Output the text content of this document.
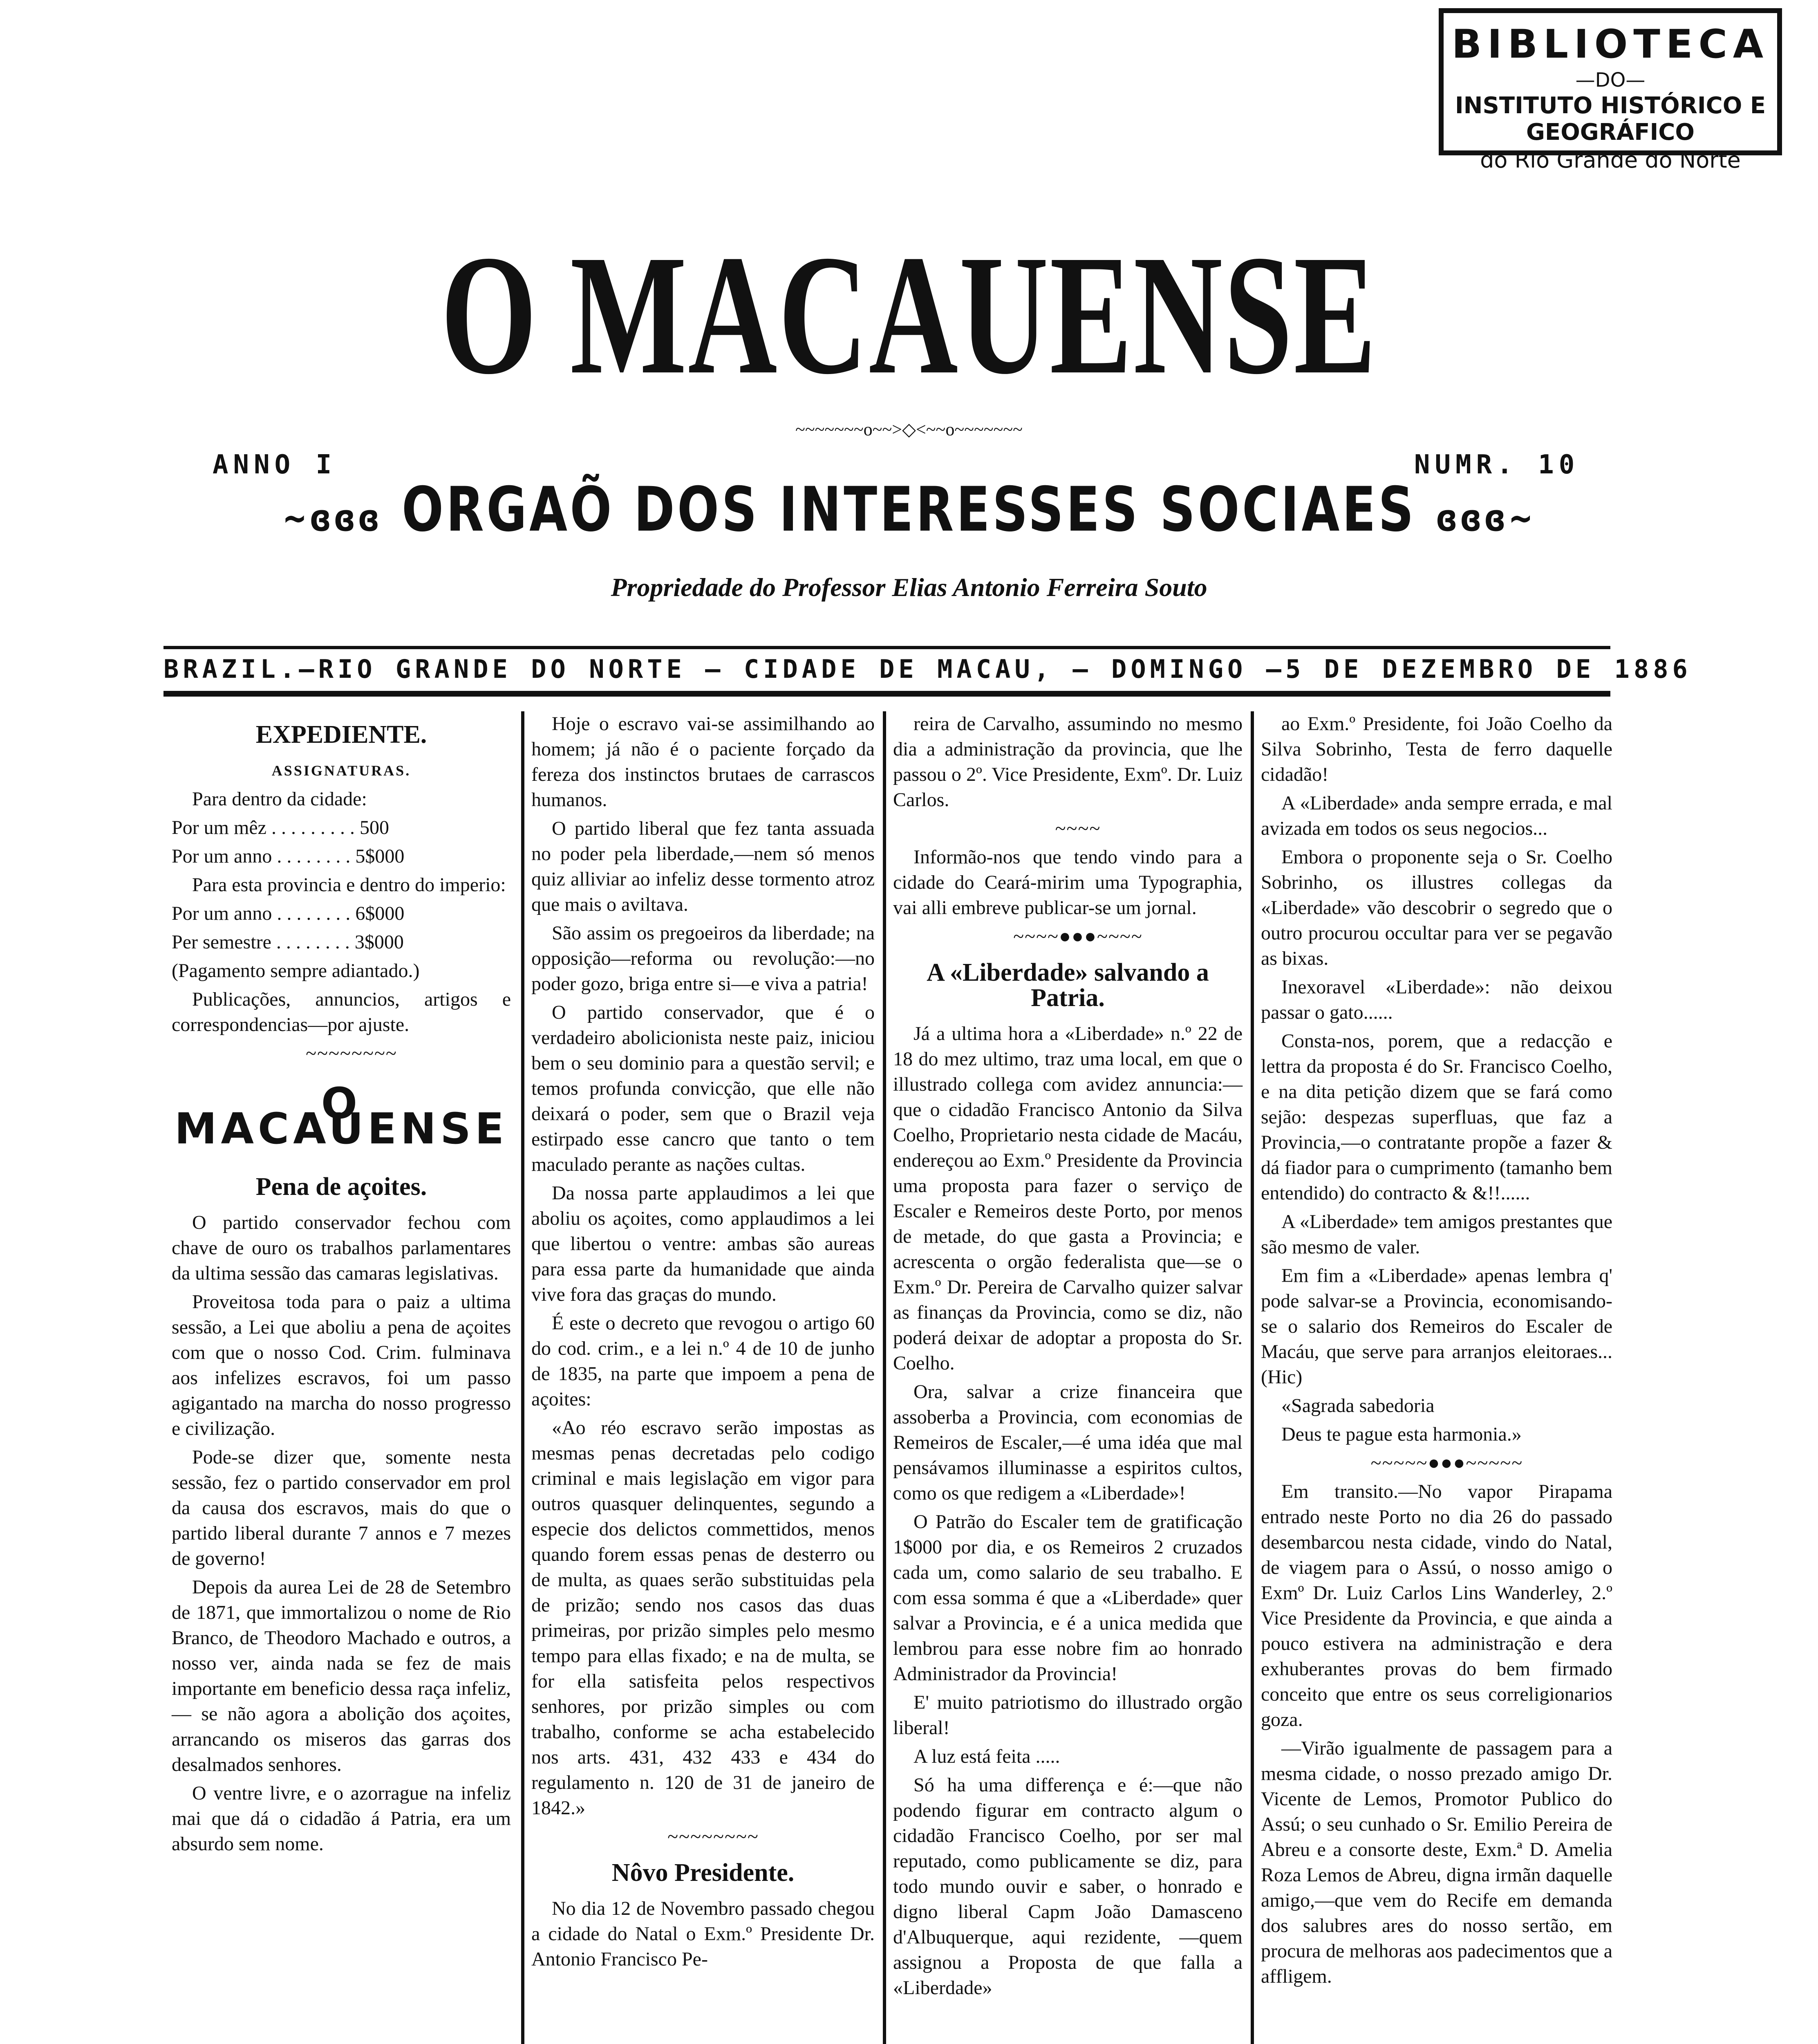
BIBLIOTECA
—DO—
INSTITUTO HISTÓRICO E GEOGRÁFICO
do Rio Grande do Norte
O MACAUENSE
~~~~~~~o~~>◇<~~o~~~~~~~
ANNO I	NUMR. 10
~ɞɞɞ ORGAÕ DOS INTERESSES SOCIAES ɞɞɞ~
Propriedade do Professor Elias Antonio Ferreira Souto
BRAZIL.—RIO GRANDE DO NORTE — CIDADE DE MACAU, — DOMINGO —5 DE DEZEMBRO DE 1886

EXPEDIENTE.

ASSIGNATURAS.

Para dentro da cidade:

Por um mêz . . . . . . . . . 500

Por um anno . . . . . . . . 5$000

Para esta provincia e dentro do imperio:

Por um anno . . . . . . . . 6$000

Per semestre . . . . . . . . 3$000

(Pagamento sempre adiantado.)

Publicações, annuncios, artigos e correspondencias—por ajuste.

~~~~~~~~

O MACAUENSE

Pena de açoites.

O partido conservador fechou com chave de ouro os trabalhos parlamentares da ultima sessão das camaras legislativas.

Proveitosa toda para o paiz a ultima sessão, a Lei que aboliu a pena de açoites com que o nosso Cod. Crim. fulminava aos infelizes escravos, foi um passo agigantado na marcha do nosso progresso e civilização.

Pode-se dizer que, somente nesta sessão, fez o partido conservador em prol da causa dos escravos, mais do que o partido liberal durante 7 annos e 7 mezes de governo!

Depois da aurea Lei de 28 de Setembro de 1871, que immortalizou o nome de Rio Branco, de Theodoro Machado e outros, a nosso ver, ainda nada se fez de mais importante em beneficio dessa raça infeliz, — se não agora a abolição dos açoites, arrancando os miseros das garras dos desalmados senhores.

O ventre livre, e o azorrague na infeliz mai que dá o cidadão á Patria, era um absurdo sem nome.

Hoje o escravo vai-se assimilhando ao homem; já não é o paciente forçado da fereza dos instinctos brutaes de carrascos humanos.

O partido liberal que fez tanta assuada no poder pela liberdade,—nem só menos quiz alliviar ao infeliz desse tormento atroz que mais o aviltava.

São assim os pregoeiros da liberdade; na opposição—reforma ou revolução:—no poder gozo, briga entre si—e viva a patria!

O partido conservador, que é o verdadeiro abolicionista neste paiz, iniciou bem o seu dominio para a questão servil; e temos profunda convicção, que elle não deixará o poder, sem que o Brazil veja estirpado esse cancro que tanto o tem maculado perante as nações cultas.

Da nossa parte applaudimos a lei que aboliu os açoites, como applaudimos a lei que libertou o ventre: ambas são aureas para essa parte da humanidade que ainda vive fora das graças do mundo.

É este o decreto que revogou o artigo 60 do cod. crim., e a lei n.º 4 de 10 de junho de 1835, na parte que impoem a pena de açoites:

«Ao réo escravo serão impostas as mesmas penas decretadas pelo codigo criminal e mais legislação em vigor para outros quasquer delinquentes, segundo a especie dos delictos commettidos, menos quando forem essas penas de desterro ou de multa, as quaes serão substituidas pela de prizão; sendo nos casos das duas primeiras, por prizão simples pelo mesmo tempo para ellas fixado; e na de multa, se for ella satisfeita pelos respectivos senhores, por prizão simples ou com trabalho, conforme se acha estabelecido nos arts. 431, 432 433 e 434 do regulamento n. 120 de 31 de janeiro de 1842.»

~~~~~~~~

Nôvo Presidente.

No dia 12 de Novembro passado chegou a cidade do Natal o Exm.º Presidente Dr. Antonio Francisco Pe-

reira de Carvalho, assumindo no mesmo dia a administração da provincia, que lhe passou o 2º. Vice Presidente, Exmº. Dr. Luiz Carlos.

~~~~

Informão-nos que tendo vindo para a cidade do Ceará-mirim uma Typographia, vai alli embreve publicar-se um jornal.

~~~~●●●~~~~

A «Liberdade» salvando a Patria.

Já a ultima hora a «Liberdade» n.º 22 de 18 do mez ultimo, traz uma local, em que o illustrado collega com avidez annuncia:—que o cidadão Francisco Antonio da Silva Coelho, Proprietario nesta cidade de Macáu, endereçou ao Exm.º Presidente da Provincia uma proposta para fazer o serviço de Escaler e Remeiros deste Porto, por menos de metade, do que gasta a Provincia; e acrescenta o orgão federalista que—se o Exm.º Dr. Pereira de Carvalho quizer salvar as finanças da Provincia, como se diz, não poderá deixar de adoptar a proposta do Sr. Coelho.

Ora, salvar a crize financeira que assoberba a Provincia, com economias de Remeiros de Escaler,—é uma idéa que mal pensávamos illuminasse a espiritos cultos, como os que redigem a «Liberdade»!

O Patrão do Escaler tem de gratificação 1$000 por dia, e os Remeiros 2 cruzados cada um, como salario de seu trabalho. E com essa somma é que a «Liberdade» quer salvar a Provincia, e é a unica medida que lembrou para esse nobre fim ao honrado Administrador da Provincia!

E' muito patriotismo do illustrado orgão liberal!

A luz está feita .....

Só ha uma differença e é:—que não podendo figurar em contracto algum o cidadão Francisco Coelho, por ser mal reputado, como publicamente se diz, para todo mundo ouvir e saber, o honrado e digno liberal Capm João Damasceno d'Albuquerque, aqui rezidente, —quem assignou a Proposta de que falla a «Liberdade»

ao Exm.º Presidente, foi João Coelho da Silva Sobrinho, Testa de ferro daquelle cidadão!

A «Liberdade» anda sempre errada, e mal avizada em todos os seus negocios...

Embora o proponente seja o Sr. Coelho Sobrinho, os illustres collegas da «Liberdade» vão descobrir o segredo que o outro procurou occultar para ver se pegavão as bixas.

Inexoravel «Liberdade»: não deixou passar o gato......

Consta-nos, porem, que a redacção e lettra da proposta é do Sr. Francisco Coelho, e na dita petição dizem que se fará como sejão: despezas superfluas, que faz a Provincia,—o contratante propõe a fazer & dá fiador para o cumprimento (tamanho bem entendido) do contracto & &!!......

A «Liberdade» tem amigos prestantes que são mesmo de valer.

Em fim a «Liberdade» apenas lembra q' pode salvar-se a Provincia, economisando-se o salario dos Remeiros do Escaler de Macáu, que serve para arranjos eleitoraes...(Hic)

«Sagrada sabedoria

Deus te pague esta harmonia.»

~~~~~●●●~~~~~

Em transito.—No vapor Pirapama entrado neste Porto no dia 26 do passado desembarcou nesta cidade, vindo do Natal, de viagem para o Assú, o nosso amigo o Exmº Dr. Luiz Carlos Lins Wanderley, 2.º Vice Presidente da Provincia, e que ainda a pouco estivera na administração e dera exhuberantes provas do bem firmado conceito que entre os seus correligionarios goza.

—Virão igualmente de passagem para a mesma cidade, o nosso prezado amigo Dr. Vicente de Lemos, Promotor Publico do Assú; o seu cunhado o Sr. Emilio Pereira de Abreu e a consorte deste, Exm.ª D. Amelia Roza Lemos de Abreu, digna irmãn daquelle amigo,—que vem do Recife em demanda dos salubres ares do nosso sertão, em procura de melhoras aos padecimentos que a affligem.
